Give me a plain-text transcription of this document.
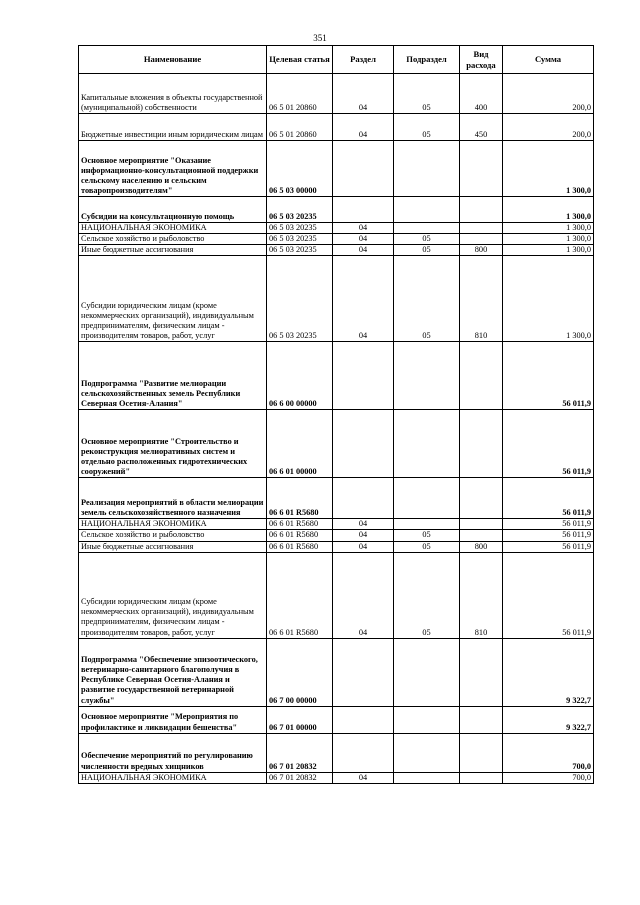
351
Наименование	Целевая статья	Раздел	Подраздел	Вид расхода	Сумма
Капитальные вложения в объекты государственной (муниципальной) собственности	06 5 01 20860	04	05	400	200,0
Бюджетные инвестиции иным юридическим лицам	06 5 01 20860	04	05	450	200,0
Основное мероприятие "Оказание информационно-консультационной поддержки сельскому населению и сельским товаропроизводителям"	06 5 03 00000				1 300,0
Субсидии на консультационную помощь	06 5 03 20235				1 300,0
НАЦИОНАЛЬНАЯ ЭКОНОМИКА	06 5 03 20235	04			1 300,0
Сельское хозяйство и рыболовство	06 5 03 20235	04	05		1 300,0
Иные бюджетные ассигнования	06 5 03 20235	04	05	800	1 300,0
Субсидии юридическим лицам (кроме некоммерческих организаций), индивидуальным предпринимателям, физическим лицам - производителям товаров, работ, услуг	06 5 03 20235	04	05	810	1 300,0
Подпрограмма "Развитие мелиорации сельскохозяйственных земель Республики Северная Осетия-Алания"	06 6 00 00000				56 011,9
Основное мероприятие "Строительство и реконструкция мелиоративных систем и отдельно расположенных гидротехнических сооружений"	06 6 01 00000				56 011,9
Реализация мероприятий в области мелиорации земель сельскохозяйственного назначения	06 6 01 R5680				56 011,9
НАЦИОНАЛЬНАЯ ЭКОНОМИКА	06 6 01 R5680	04			56 011,9
Сельское хозяйство и рыболовство	06 6 01 R5680	04	05		56 011,9
Иные бюджетные ассигнования	06 6 01 R5680	04	05	800	56 011,9
Субсидии юридическим лицам (кроме некоммерческих организаций), индивидуальным предпринимателям, физическим лицам - производителям товаров, работ, услуг	06 6 01 R5680	04	05	810	56 011,9
Подпрограмма "Обеспечение эпизоотического, ветеринарно-санитарного благополучия в Республике Северная Осетия-Алания и развитие государственной ветеринарной службы"	06 7 00 00000				9 322,7
Основное мероприятие "Мероприятия по профилактике и ликвидации бешенства"	06 7 01 00000				9 322,7
Обеспечение мероприятий по регулированию численности вредных хищников	06 7 01 20832				700,0
НАЦИОНАЛЬНАЯ ЭКОНОМИКА	06 7 01 20832	04			700,0
